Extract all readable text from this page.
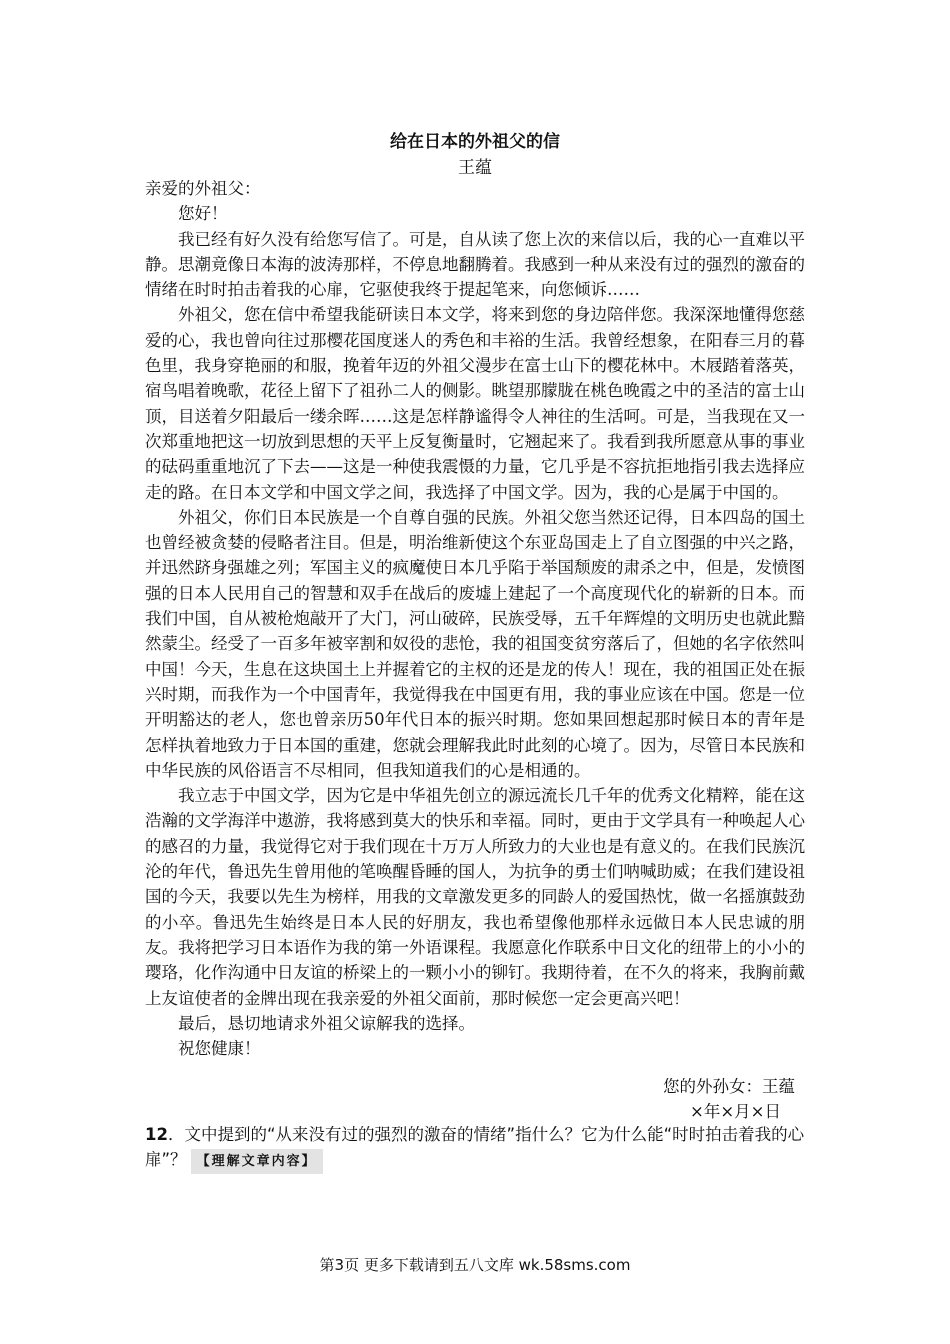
给在日本的外祖父的信
王蕴

亲爱的外祖父：

您好！

我已经有好久没有给您写信了。可是，自从读了您上次的来信以后，我的心一直难以平静。思潮竟像日本海的波涛那样，不停息地翻腾着。我感到一种从来没有过的强烈的激奋的情绪在时时拍击着我的心扉，它驱使我终于提起笔来，向您倾诉……

外祖父，您在信中希望我能研读日本文学，将来到您的身边陪伴您。我深深地懂得您慈爱的心，我也曾向往过那樱花国度迷人的秀色和丰裕的生活。我曾经想象，在阳春三月的暮色里，我身穿艳丽的和服，挽着年迈的外祖父漫步在富士山下的樱花林中。木屐踏着落英，宿鸟唱着晚歌，花径上留下了祖孙二人的侧影。眺望那朦胧在桃色晚霞之中的圣洁的富士山顶，目送着夕阳最后一缕余晖……这是怎样静谧得令人神往的生活呵。可是，当我现在又一次郑重地把这一切放到思想的天平上反复衡量时，它翘起来了。我看到我所愿意从事的事业的砝码重重地沉了下去——这是一种使我震慑的力量，它几乎是不容抗拒地指引我去选择应走的路。在日本文学和中国文学之间，我选择了中国文学。因为，我的心是属于中国的。

外祖父，你们日本民族是一个自尊自强的民族。外祖父您当然还记得，日本四岛的国土也曾经被贪婪的侵略者注目。但是，明治维新使这个东亚岛国走上了自立图强的中兴之路，并迅然跻身强雄之列；军国主义的疯魔使日本几乎陷于举国颓废的肃杀之中，但是，发愤图强的日本人民用自己的智慧和双手在战后的废墟上建起了一个高度现代化的崭新的日本。而我们中国，自从被枪炮敲开了大门，河山破碎，民族受辱，五千年辉煌的文明历史也就此黯然蒙尘。经受了一百多年被宰割和奴役的悲怆，我的祖国变贫穷落后了，但她的名字依然叫中国！今天，生息在这块国土上并握着它的主权的还是龙的传人！现在，我的祖国正处在振兴时期，而我作为一个中国青年，我觉得我在中国更有用，我的事业应该在中国。您是一位开明豁达的老人，您也曾亲历50年代日本的振兴时期。您如果回想起那时候日本的青年是怎样执着地致力于日本国的重建，您就会理解我此时此刻的心境了。因为，尽管日本民族和中华民族的风俗语言不尽相同，但我知道我们的心是相通的。

我立志于中国文学，因为它是中华祖先创立的源远流长几千年的优秀文化精粹，能在这浩瀚的文学海洋中遨游，我将感到莫大的快乐和幸福。同时，更由于文学具有一种唤起人心的感召的力量，我觉得它对于我们现在十万万人所致力的大业也是有意义的。在我们民族沉沦的年代，鲁迅先生曾用他的笔唤醒昏睡的国人，为抗争的勇士们呐喊助威；在我们建设祖国的今天，我要以先生为榜样，用我的文章激发更多的同龄人的爱国热忱，做一名摇旗鼓劲的小卒。鲁迅先生始终是日本人民的好朋友，我也希望像他那样永远做日本人民忠诚的朋友。我将把学习日本语作为我的第一外语课程。我愿意化作联系中日文化的纽带上的小小的璎珞，化作沟通中日友谊的桥梁上的一颗小小的铆钉。我期待着，在不久的将来，我胸前戴上友谊使者的金牌出现在我亲爱的外祖父面前，那时候您一定会更高兴吧！

最后，恳切地请求外祖父谅解我的选择。

祝您健康！

您的外孙女：王蕴
×年×月×日
12．文中提到的“从来没有过的强烈的激奋的情绪”指什么？它为什么能“时时拍击着我的心扉”？ 【理解文章内容】
第3页 更多下载请到五八文库 wk.58sms.com
